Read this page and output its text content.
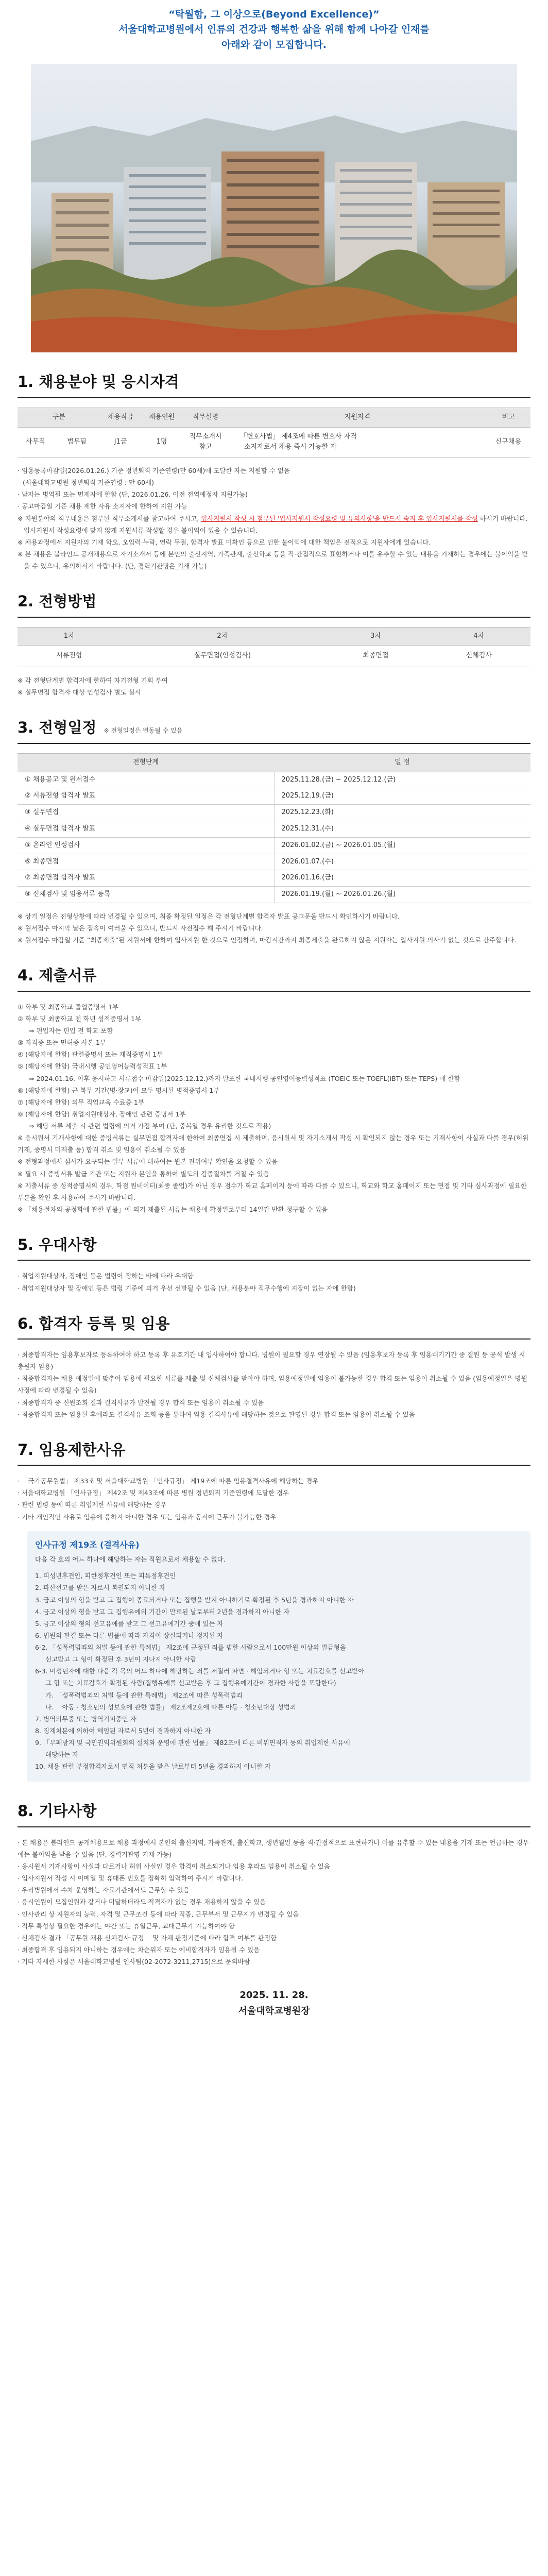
“탁월함, 그 이상으로(Beyond Excellence)”
서울대학교병원에서 인류의 건강과 행복한 삶을 위해 함께 나아갈 인재를
아래와 같이 모집합니다.
1. 채용분야 및 응시자격
구분		채용직급	채용인원	직무설명	지원자격	비고
사무직	법무팀	J1급	1명	직무소개서 참고	「변호사법」 제4조에 따른 변호사 자격
소지자로서 채용 즉시 가능한 자	신규채용
· 임용등록마감일(2026.01.26.) 기준 정년퇴직 기준연령(만 60세)에 도달한 자는 지원할 수 없음
(서울대학교병원 정년퇴직 기준연령 : 만 60세)
· 남자는 병역필 또는 면제자에 한함 (단, 2026.01.26. 이전 전역예정자 지원가능)
· 공고마감일 기준 채용 제한 사유 소지자에 한하여 지원 가능
※ 지원분야의 직무내용은 첨부된 직무소개서를 참고하여 주시고, 입사지원서 작성 시 첨부된 '입사지원서 작성요령 및 유의사항'을 반드시 숙지 후 입사지원서를 작성 하시기 바랍니다. 입사지원서 작성요령에 맞지 않게 지원서류 작성할 경우 불이익이 있을 수 있습니다.
※ 채용과정에서 지원자의 기재 학오, 오입력·누락, 연락 두절, 합격자 발표 미확인 등으로 인한 불이익에 대한 책임은 전적으로 지원자에게 있습니다.
※ 본 채용은 블라인드 공개채용으로 자기소개서 등에 본인의 출신지역, 가족관계, 출신학교 등을 직·간접적으로 표현하거나 이를 유추할 수 있는 내용을 기재하는 경우에는 불이익을 받을 수 있으니, 유의하시기 바랍니다. (단, 경력기관명은 기재 가능)
2. 전형방법
1차	2차	3차	4차
서류전형	실무면접(인성검사)	최종면접	신체검사
※ 각 전형단계별 합격자에 한하여 차기전형 기회 부여
※ 실무면접 합격자 대상 인성검사 별도 실시
3. 전형일정 ※ 전형일정은 변동될 수 있음
전형단계	일 정
① 채용공고 및 원서접수	2025.11.28.(금) ~ 2025.12.12.(금)
② 서류전형 합격자 발표	2025.12.19.(금)
③ 실무면접	2025.12.23.(화)
④ 실무면접 합격자 발표	2025.12.31.(수)
⑤ 온라인 인성검사	2026.01.02.(금) ~ 2026.01.05.(월)
⑥ 최종면접	2026.01.07.(수)
⑦ 최종면접 합격자 발표	2026.01.16.(금)
⑧ 신체검사 및 임용서류 등록	2026.01.19.(월) ~ 2026.01.26.(월)
※ 상기 일정은 전형상황에 따라 변경될 수 있으며, 최종 확정된 일정은 각 전형단계별 합격자 발표 공고문을 반드시 확인하시기 바랍니다.
※ 원서접수 마지막 날은 접속이 여러울 수 있으니, 반드시 사전접수 해 주시기 바랍니다.
※ 원서접수 마감일 기준 “최종제출”된 지원서에 한하여 입사지원 한 것으로 인정하며, 마감시간까지 최종제출을 완료하지 않은 지원자는 입사지원 의사가 없는 것으로 간주합니다.
4. 제출서류
① 학부 및 최종학교 졸업증명서 1부
② 학부 및 최종학교 전 학년 성적증명서 1부
⇒ 편입자는 편입 전 학교 포함
③ 자격증 또는 면허증 사본 1부
④ (해당자에 한함) 관련증명서 또는 재직증명서 1부
⑤ (해당자에 한함) 국내시행 공인영어능력성적표 1부
⇒ 2024.01.16. 이후 응시하고 서류접수 마감일(2025.12.12.)까지 발표한 국내시행 공인영어능력성적표 (TOEIC 또는 TOEFL(iBT) 또는 TEPS) 에 한함
⑥ (해당자에 한함) 군 복무 기간(병·장교)이 모두 명시된 병적증명서 1부
⑦ (해당자에 한함) 의무 직업교육 수료증 1부
⑧ (해당자에 한함) 취업지원대상자, 장애인 관련 증명서 1부
⇒ 해당 서류 제출 시 관련 법령에 의거 가점 부여 (단, 중복일 경우 유리한 것으로 적용)
※ 응시원서 기재사항에 대한 증빙서류는 실무면접 합격자에 한하여 최종면접 시 제출하며, 응시원서 및 자기소개서 작성 시 확인되지 않는 경우 또는 기재사항이 사실과 다를 경우(허위기재, 증명서 미제출 등) 합격 취소 및 임용이 취소될 수 있음
※ 전형과정에서 심사가 요구되는 일부 서류에 대하여는 원본 진위여부 확인을 요청할 수 있음
※ 필요 시 증빙서류 발급 기관 또는 지원자 본인을 통하여 별도의 검증절차를 거칠 수 있음
※ 제출서류 중 성적증명서의 경우, 학점 원데이터(최종 졸업)가 아닌 경우 점수가 학교 홈페이지 등에 따라 다를 수 있으니, 학교와 학교 홈페이지 또는 면접 및 기타 심사과정에 필요한 부분을 확인 후 사용하여 주시기 바랍니다.
※ 「채용절차의 공정화에 관한 법률」에 의거 제출된 서류는 채용에 확정일로부터 14일간 반환 청구할 수 있음
5. 우대사항
· 취업지원대상자, 장애인 등은 법령이 정하는 바에 따라 우대함
· 취업지원대상자 및 장애인 등은 법령 기준에 의거 우선 선발될 수 있음 (단, 채용분야 직무수행에 지장이 없는 자에 한함)
6. 합격자 등록 및 임용
· 최종합격자는 임용후보자로 등록하여야 하고 등록 후 유효기간 내 입사하여야 합니다. 병원이 필요할 경우 연장될 수 있음 (임용후보자 등록 후 임용대기기간 중 결원 등 공석 발생 시 충원자 임용)
· 최종합격자는 채용 예정일에 맞추어 임용에 필요한 서류를 제출 및 신체검사를 받아야 하며, 임용예정일에 임용이 불가능한 경우 합격 또는 임용이 취소될 수 있음 (임용예정일은 병원 사정에 따라 변경될 수 있음)
· 최종합격자 중 신원조회 결과 결격사유가 발견될 경우 합격 또는 임용이 취소될 수 있음
· 최종합격자 또는 임용된 후에라도 결격사유 조회 등을 통하여 임용 결격사유에 해당하는 것으로 판명된 경우 합격 또는 임용이 취소될 수 있음
7. 임용제한사유
· 「국가공무원법」 제33조 및 서울대학교병원 「인사규정」 제19조에 따른 임용결격사유에 해당하는 경우
· 서울대학교병원 「인사규정」 제42조 및 제43조에 따른 병원 정년퇴직 기준연령에 도달한 경우
· 관련 법령 등에 따른 취업제한 사유에 해당하는 경우
· 기타 개인적인 사유로 임용에 응하지 아니한 경우 또는 임용과 동시에 근무가 불가능한 경우
인사규정 제19조 (결격사유)
다음 각 호의 어느 하나에 해당하는 자는 직원으로서 채용할 수 없다.
1. 피성년후견인, 피한정후견인 또는 피특정후견인
2. 파산선고를 받은 자로서 복권되지 아니한 자
3. 금고 이상의 형을 받고 그 집행이 종료되거나 또는 집행을 받지 아니하기로 확정된 후 5년을 경과하지 아니한 자
4. 금고 이상의 형을 받고 그 집행유예의 기간이 만료된 날로부터 2년을 경과하지 아니한 자
5. 금고 이상의 형의 선고유예를 받고 그 선고유예기간 중에 있는 자
6. 법원의 판결 또는 다른 법률에 따라 자격이 상실되거나 정지된 자
6-2. 「성폭력범죄의 처벌 등에 관한 특례법」 제2조에 규정된 죄를 범한 사람으로서 100만원 이상의 벌금형을
선고받고 그 형이 확정된 후 3년이 지나지 아니한 사람
6-3. 미성년자에 대한 다음 각 목의 어느 하나에 해당하는 죄를 저질러 파면 · 해임되거나 형 또는 치료감호를 선고받아
그 형 또는 치료감호가 확정된 사람(집행유예를 선고받은 후 그 집행유예기간이 경과한 사람을 포함한다)
가. 「성폭력범죄의 처벌 등에 관한 특례법」 제2조에 따른 성폭력범죄
나. 「아동 · 청소년의 성보호에 관한 법률」 제2조제2호에 따른 아동 · 청소년대상 성범죄
7. 병역의무중 또는 병역기피중인 자
8. 징계처분에 의하여 해임된 자로서 5년이 경과하지 아니한 자
9. 「부패방지 및 국민권익위원회의 설치와 운영에 관한 법률」 제82조에 따른 비위면직자 등의 취업제한 사유에
해당하는 자
10. 채용 관련 부정합격자로서 면직 처분을 받은 날로부터 5년을 경과하지 아니한 자
8. 기타사항
· 본 채용은 블라인드 공개채용으로 채용 과정에서 본인의 출신지역, 가족관계, 출신학교, 생년월일 등을 직·간접적으로 표현하거나 이를 유추할 수 있는 내용을 기재 또는 언급하는 경우에는 불이익을 받을 수 있음 (단, 경력기관명 기재 가능)
· 응시원서 기재사항이 사실과 다르거나 허위 사실인 경우 합격이 취소되거나 임용 후라도 임용이 취소될 수 있음
· 입사지원서 작성 시 이메일 및 휴대폰 번호를 정확히 입력하여 주시기 바랍니다.
· 우리병원에서 수차 운영하는 자료기관에서도 근무할 수 있음
· 응시인원이 모집인원과 같거나 미달하더라도 적격자가 없는 경우 채용하지 않을 수 있음
· 인사관리 상 지원자의 능력, 자격 및 근무조건 등에 따라 직종, 근무부서 및 근무지가 변경될 수 있음
· 직무 특성상 필요한 경우에는 야간 또는 휴일근무, 교대근무가 가능하여야 함
· 신체검사 결과 「공무원 채용 신체검사 규정」 및 자체 판정기준에 따라 합격 여부를 판정함
· 최종합격 후 임용되지 아니하는 경우에는 차순위자 또는 예비합격자가 임용될 수 있음
· 기타 자세한 사항은 서울대학교병원 인사팀(02-2072-3211,2715)으로 문의바람
2025. 11. 28.
서울대학교병원장
